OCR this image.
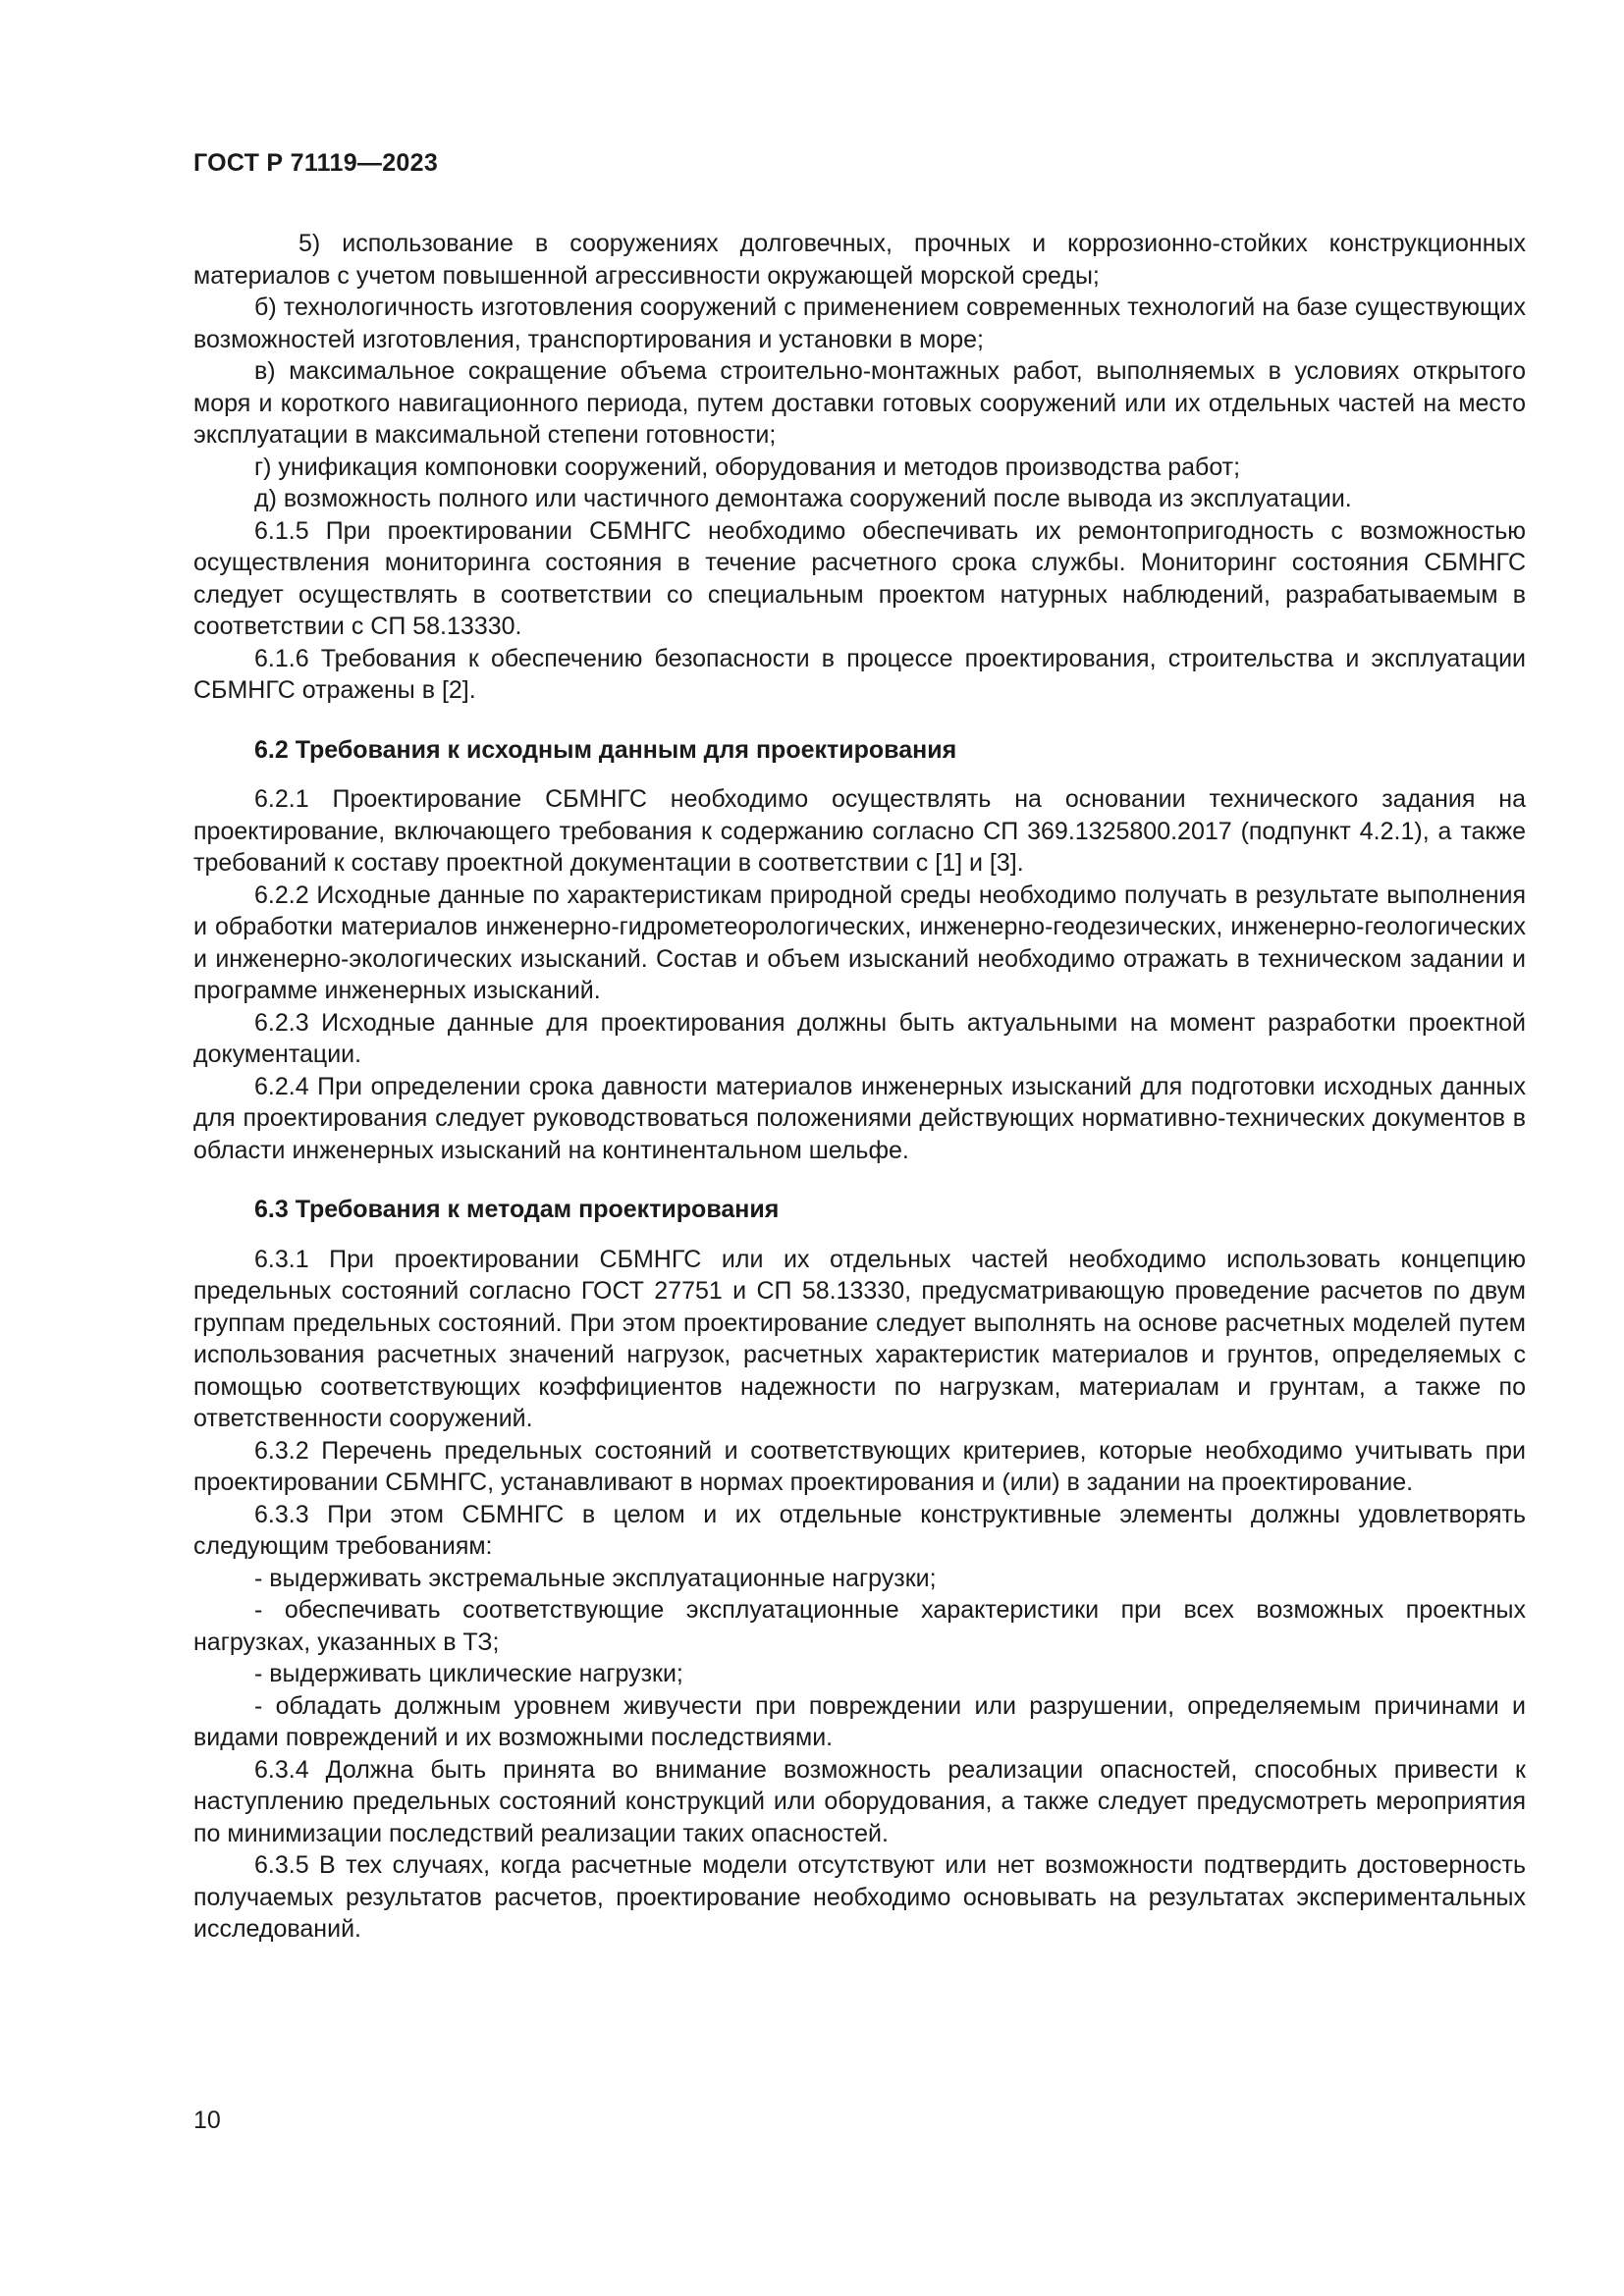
ГОСТ Р 71119—2023

5) использование в сооружениях долговечных, прочных и коррозионно-стойких конструкционных материалов с учетом повышенной агрессивности окружающей морской среды;

б) технологичность изготовления сооружений с применением современных технологий на базе существующих возможностей изготовления, транспортирования и установки в море;

в) максимальное сокращение объема строительно-монтажных работ, выполняемых в условиях открытого моря и короткого навигационного периода, путем доставки готовых сооружений или их отдельных частей на место эксплуатации в максимальной степени готовности;

г) унификация компоновки сооружений, оборудования и методов производства работ;

д) возможность полного или частичного демонтажа сооружений после вывода из эксплуатации.

6.1.5 При проектировании СБМНГС необходимо обеспечивать их ремонтопригодность с возможностью осуществления мониторинга состояния в течение расчетного срока службы. Мониторинг состояния СБМНГС следует осуществлять в соответствии со специальным проектом натурных наблюдений, разрабатываемым в соответствии с СП 58.13330.

6.1.6 Требования к обеспечению безопасности в процессе проектирования, строительства и эксплуатации СБМНГС отражены в [2].

6.2 Требования к исходным данным для проектирования

6.2.1 Проектирование СБМНГС необходимо осуществлять на основании технического задания на проектирование, включающего требования к содержанию согласно СП 369.1325800.2017 (подпункт 4.2.1), а также требований к составу проектной документации в соответствии с [1] и [3].

6.2.2 Исходные данные по характеристикам природной среды необходимо получать в результате выполнения и обработки материалов инженерно-гидрометеорологических, инженерно-геодезических, инженерно-геологических и инженерно-экологических изысканий. Состав и объем изысканий необходимо отражать в техническом задании и программе инженерных изысканий.

6.2.3 Исходные данные для проектирования должны быть актуальными на момент разработки проектной документации.

6.2.4 При определении срока давности материалов инженерных изысканий для подготовки исходных данных для проектирования следует руководствоваться положениями действующих нормативно-технических документов в области инженерных изысканий на континентальном шельфе.

6.3 Требования к методам проектирования

6.3.1 При проектировании СБМНГС или их отдельных частей необходимо использовать концепцию предельных состояний согласно ГОСТ 27751 и СП 58.13330, предусматривающую проведение расчетов по двум группам предельных состояний. При этом проектирование следует выполнять на основе расчетных моделей путем использования расчетных значений нагрузок, расчетных характеристик материалов и грунтов, определяемых с помощью соответствующих коэффициентов надежности по нагрузкам, материалам и грунтам, а также по ответственности сооружений.

6.3.2 Перечень предельных состояний и соответствующих критериев, которые необходимо учитывать при проектировании СБМНГС, устанавливают в нормах проектирования и (или) в задании на проектирование.

6.3.3 При этом СБМНГС в целом и их отдельные конструктивные элементы должны удовлетворять следующим требованиям:

- выдерживать экстремальные эксплуатационные нагрузки;

- обеспечивать соответствующие эксплуатационные характеристики при всех возможных проектных нагрузках, указанных в ТЗ;

- выдерживать циклические нагрузки;

- обладать должным уровнем живучести при повреждении или разрушении, определяемым причинами и видами повреждений и их возможными последствиями.

6.3.4 Должна быть принята во внимание возможность реализации опасностей, способных привести к наступлению предельных состояний конструкций или оборудования, а также следует предусмотреть мероприятия по минимизации последствий реализации таких опасностей.

6.3.5 В тех случаях, когда расчетные модели отсутствуют или нет возможности подтвердить достоверность получаемых результатов расчетов, проектирование необходимо основывать на результатах экспериментальных исследований.

10
